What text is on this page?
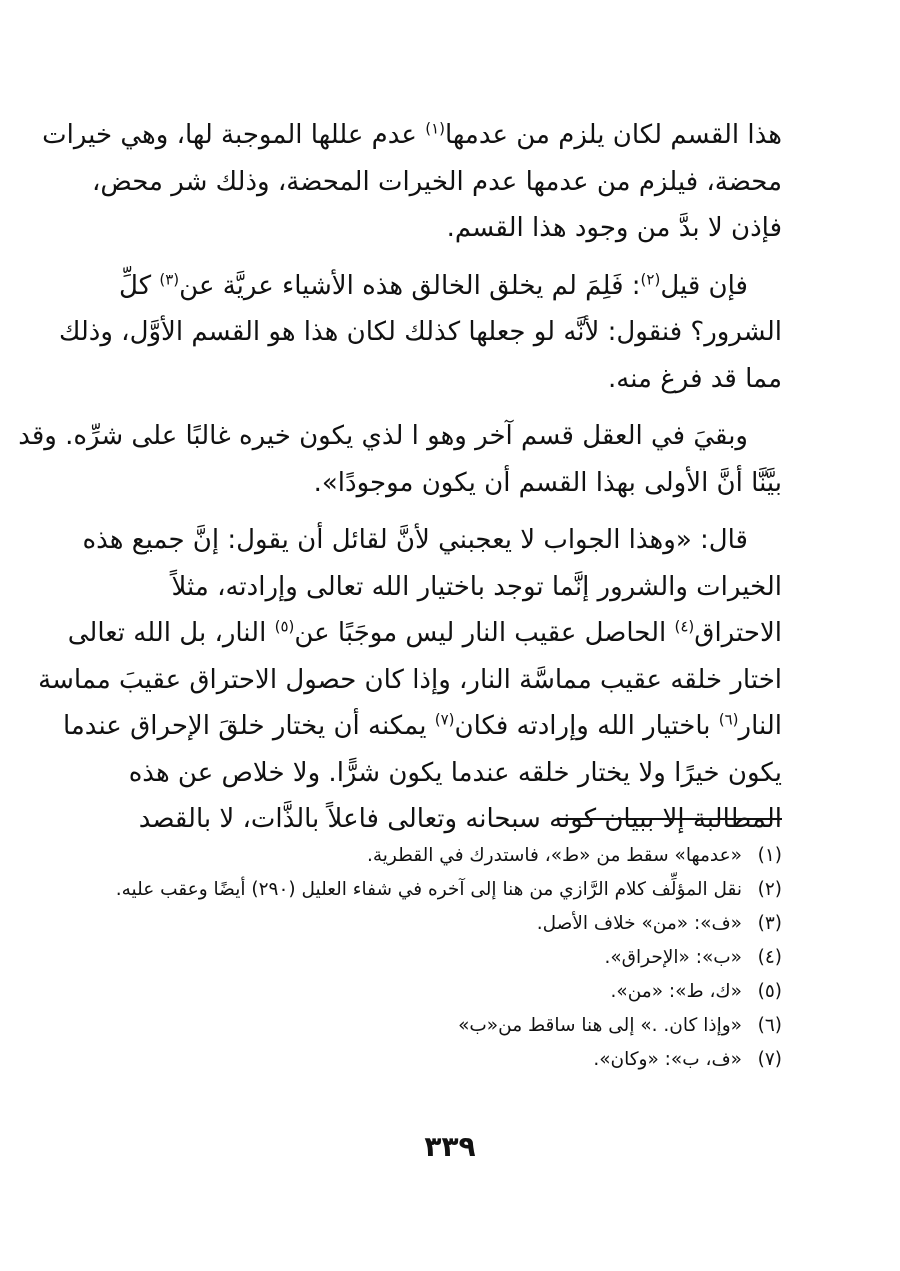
هذا القسم لكان يلزم من عدمها$^{(١)}$ عدم عللها الموجبة لها، وهي خيرات
محضة، فيلزم من عدمها عدم الخيرات المحضة، وذلك شر محض،
فإذن لا بدَّ من وجود هذا القسم.

فإن قيل$^{(٢)}$: فَلِمَ لم يخلق الخالق هذه الأشياء عريَّة عن$^{(٣)}$ كلِّ
الشرور؟ فنقول: لأنَّه لو جعلها كذلك لكان هذا هو القسم الأوَّل، وذلك
مما قد فرغ منه.

وبقيَ في العقل قسم آخر وهو ا لذي يكون خيره غالبًا على شرِّه. وقد
بيَّنَّا أنَّ الأولى بهذا القسم أن يكون موجودًا».

قال: «وهذا الجواب لا يعجبني لأنَّ لقائل أن يقول: إنَّ جميع هذه
الخيرات والشرور إنَّما توجد باختيار الله تعالى وإرادته، مثلاً
الاحتراق$^{(٤)}$ الحاصل عقيب النار ليس موجَبًا عن$^{(٥)}$ النار، بل الله تعالى
اختار خلقه عقيب مماسَّة النار، وإذا كان حصول الاحتراق عقيبَ مماسة
النار$^{(٦)}$ باختيار الله وإرادته فكان$^{(٧)}$ يمكنه أن يختار خلقَ الإحراق عندما
يكون خيرًا ولا يختار خلقه عندما يكون شرًّا. ولا خلاص عن هذه
المطالبة إلا ببيان كونه سبحانه وتعالى فاعلاً بالذَّات، لا بالقصد

(١)
«عدمها» سقط من «ط»، فاستدرك في القطرية.
(٢)
نقل المؤلِّف كلام الرَّازي من هنا إلى آخره في شفاء العليل (٢٩٠) أيضًا وعقب عليه.
(٣)
«ف»: «من» خلاف الأصل.
(٤)
«ب»: «الإحراق».
(٥)
«ك، ط»: «من».
(٦)
«وإذا كان. .» إلى هنا ساقط من«ب»
(٧)
«ف، ب»: «وكان».
٣٣٩
